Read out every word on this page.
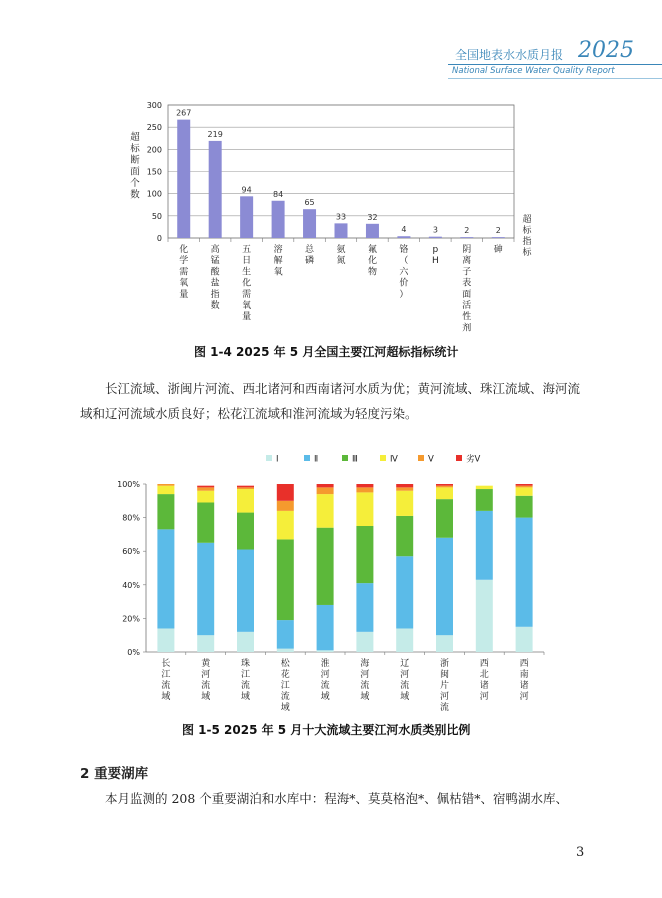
全国地表水水质月报 2025
National Surface Water Quality Report
0
50
100
150
200
250
300
超
标
断
面
个
数
267
化
学
需
氧
量
219
高
锰
酸
盐
指
数
94
五
日
生
化
需
氧
量
84
溶
解
氧
65
总
磷
33
氨
氮
32
氟
化
物
4
铬
（
六
价
）
3
p
H
2
阴
离
子
表
面
活
性
剂
2
砷
超
标
指
标
图 1-4 2025 年 5 月全国主要江河超标指标统计
长江流域、浙闽片河流、西北诸河和西南诸河水质为优；黄河流域、珠江流域、海河流域和辽河流域水质良好；松花江流域和淮河流域为轻度污染。
0%
20%
40%
60%
80%
100%
Ⅰ	Ⅱ	Ⅲ	Ⅳ	Ⅴ	劣Ⅴ
长
江
流
域
黄
河
流
域
珠
江
流
域
松
花
江
流
域
淮
河
流
域
海
河
流
域
辽
河
流
域
浙
闽
片
河
流
西
北
诸
河
西
南
诸
河
图 1-5 2025 年 5 月十大流域主要江河水质类别比例
2 重要湖库
本月监测的 208 个重要湖泊和水库中：程海*、莫莫格泡*、佩枯错*、宿鸭湖水库、
3
